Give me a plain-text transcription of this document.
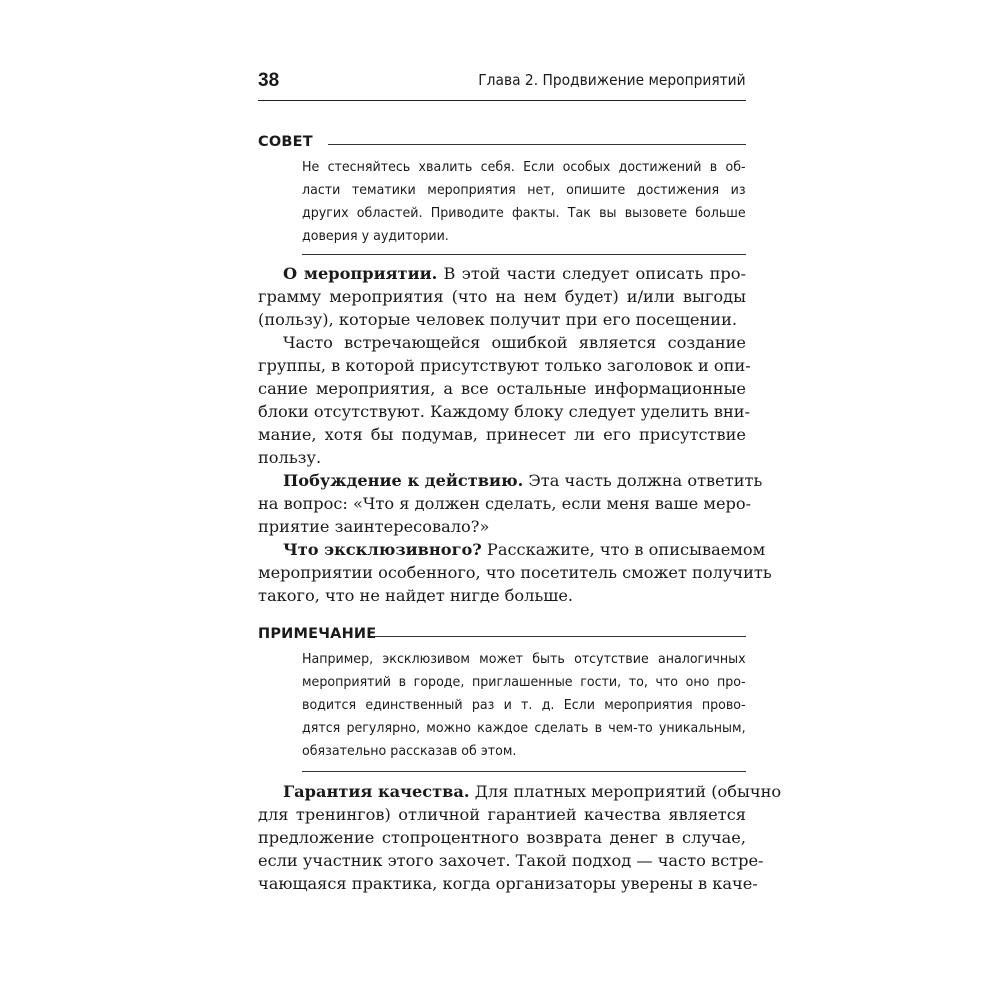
38	Глава 2. Продвижение мероприятий
СОВЕТ
Не стесняйтесь хвалить себя. Если особых достижений в об-
ласти тематики мероприятия нет, опишите достижения из
других областей. Приводите факты. Так вы вызовете больше
доверия у аудитории.

О мероприятии. В этой части следует описать про-

грамму мероприятия (что на нем будет) и/или выгоды
(пользу), которые человек получит при его посещении.
Часто встречающейся ошибкой является создание
группы, в которой присутствуют только заголовок и опи-
сание мероприятия, а все остальные информационные
блоки отсутствуют. Каждому блоку следует уделить вни-
мание, хотя бы подумав, принесет ли его присутствие
пользу.
Побуждение к действию. Эта часть должна ответить
на вопрос: «Что я должен сделать, если меня ваше меро-
приятие заинтересовало?»
Что эксклюзивного? Расскажите, что в описываемом
мероприятии особенного, что посетитель сможет получить
такого, что не найдет нигде больше.
ПРИМЕЧАНИЕ
Например, эксклюзивом может быть отсутствие аналогичных
мероприятий в городе, приглашенные гости, то, что оно про-
водится единственный раз и т. д. Если мероприятия прово-
дятся регулярно, можно каждое сделать в чем-то уникальным,
обязательно рассказав об этом.
Гарантия качества. Для платных мероприятий (обычно
для тренингов) отличной гарантией качества является
предложение стопроцентного возврата денег в случае,
если участник этого захочет. Такой подход — часто встре-
чающаяся практика, когда организаторы уверены в каче-
